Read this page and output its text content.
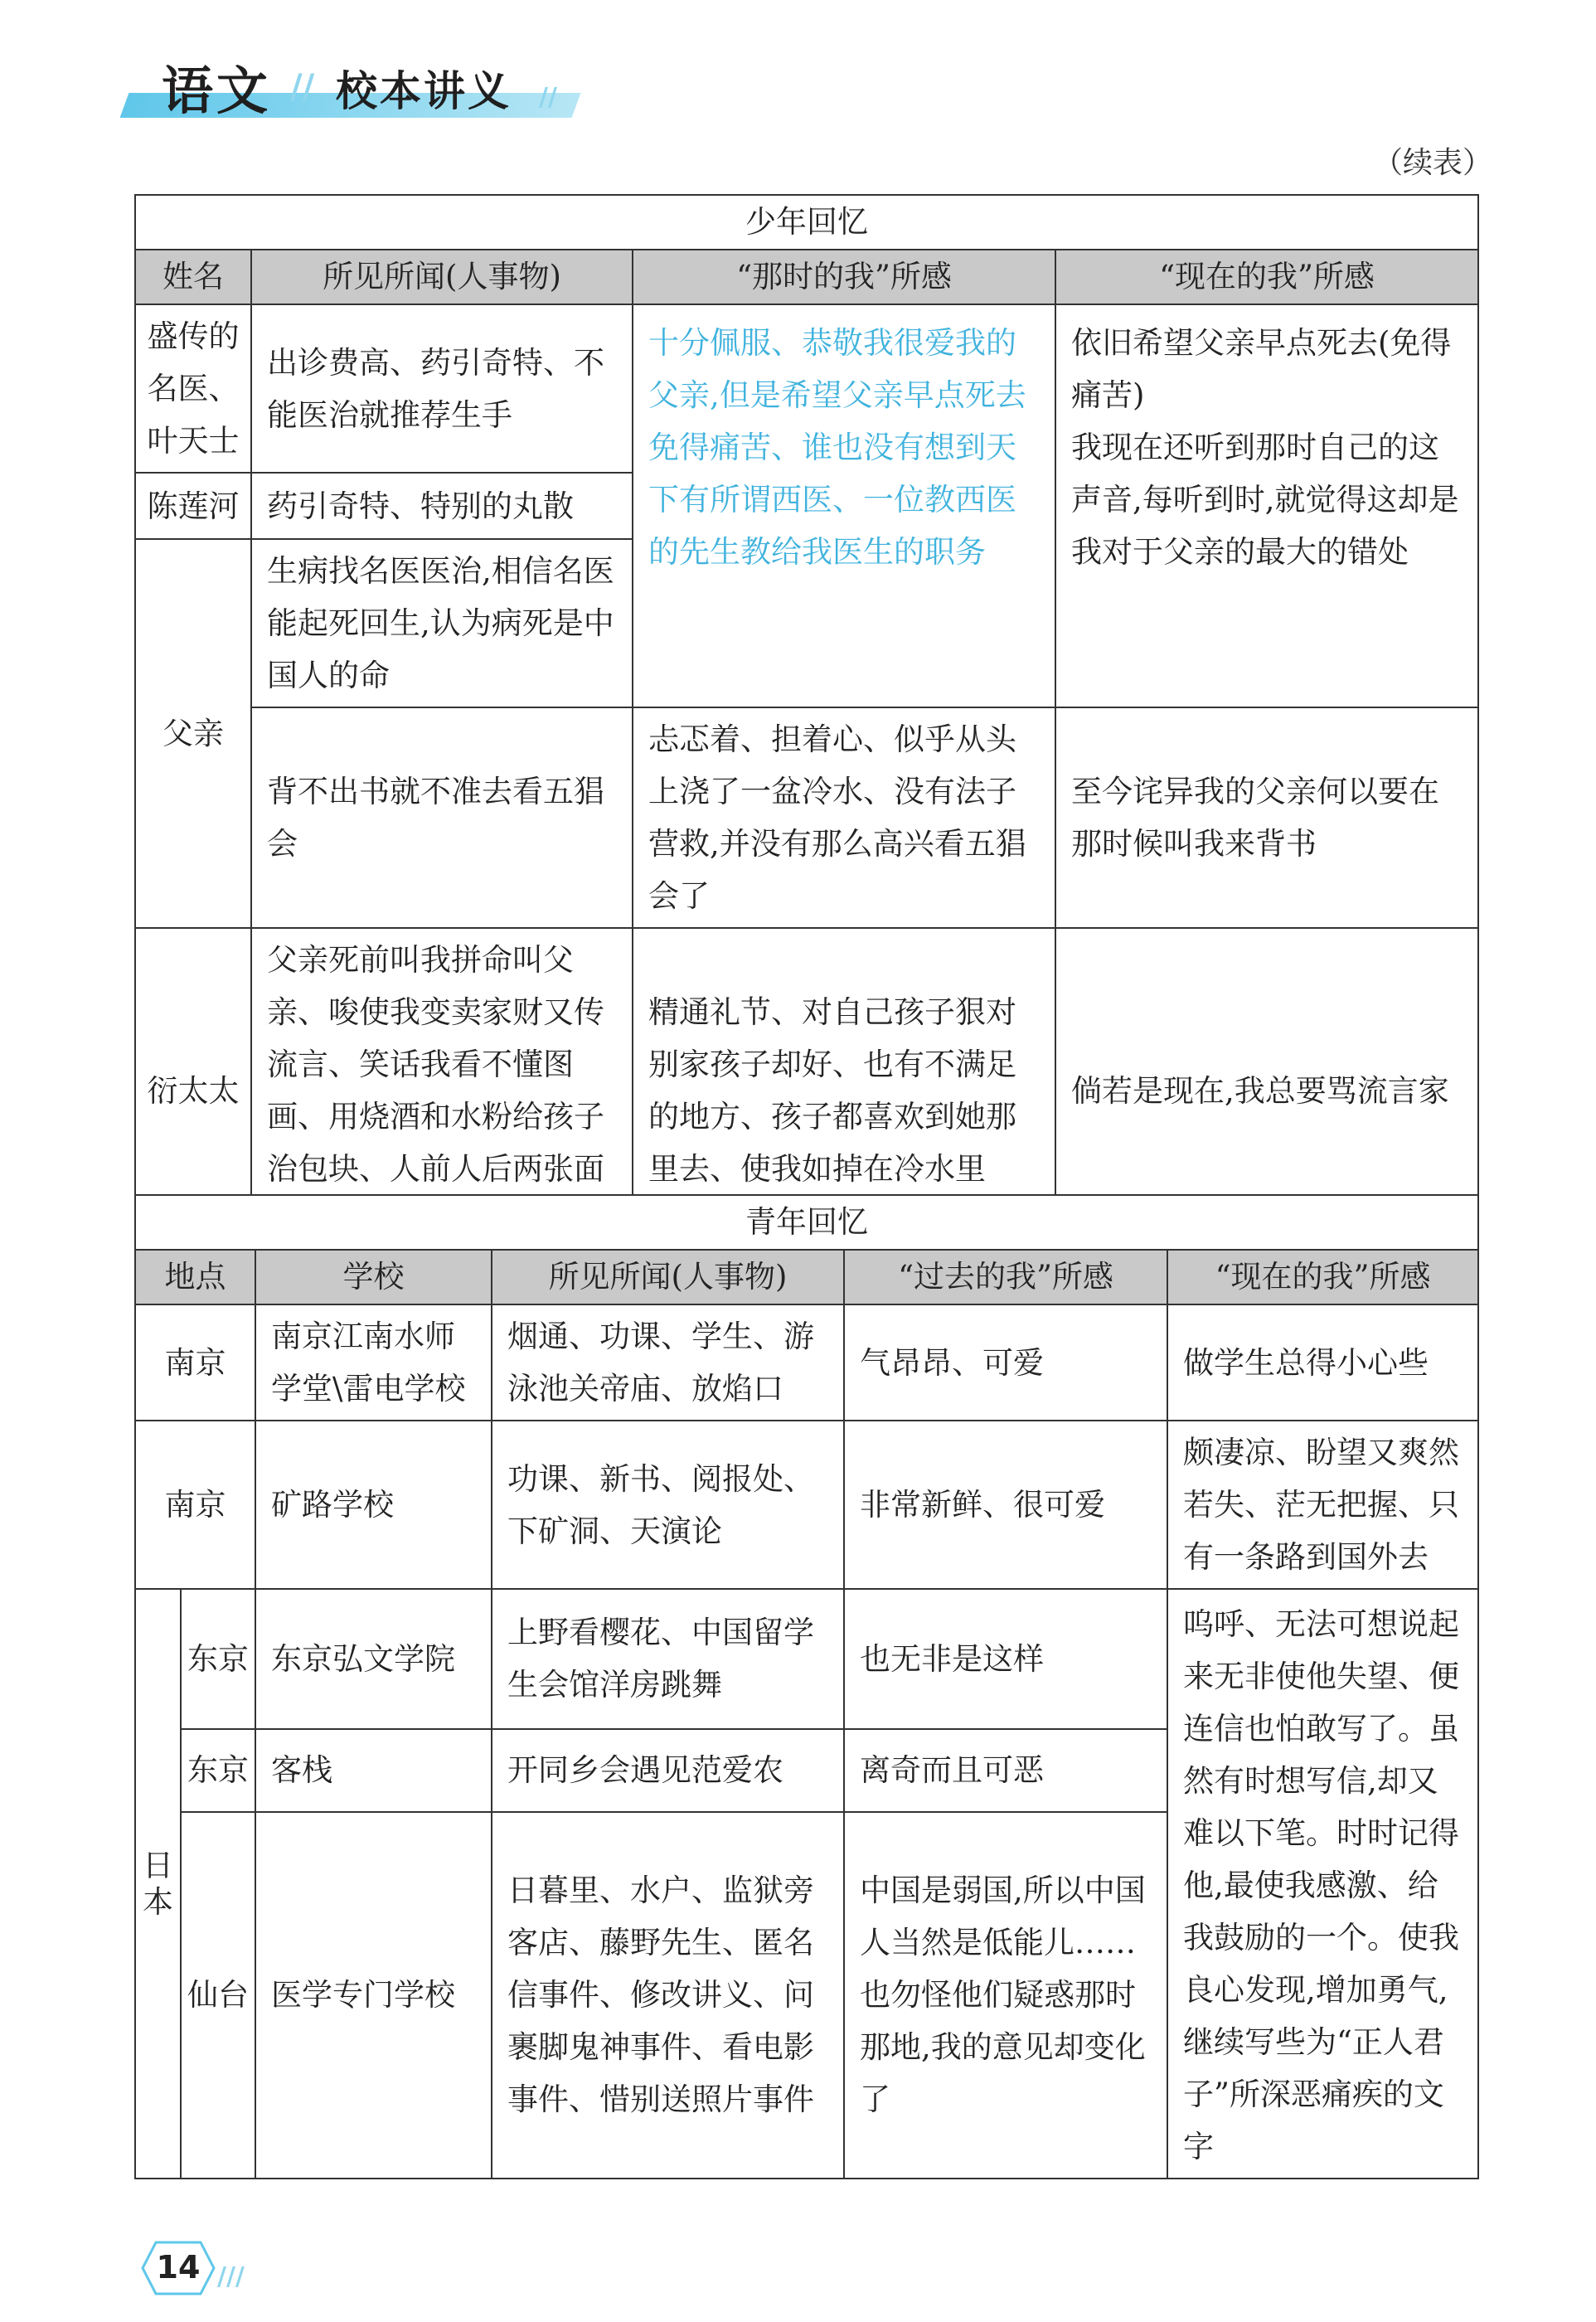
语文 // 校本讲义 //
（续表）
少年回忆			
姓名	所见所闻(人事物)	“那时的我”所感	“现在的我”所感
盛传的名医、叶天士	出诊费高、药引奇特、不能医治就推荐生手	十分佩服、恭敬我很爱我的父亲,但是希望父亲早点死去免得痛苦、谁也没有想到天下有所谓西医、一位教西医的先生教给我医生的职务	依旧希望父亲早点死去(免得痛苦)
我现在还听到那时自己的这声音,每听到时,就觉得这却是我对于父亲的最大的错处
陈莲河	药引奇特、特别的丸散		
父亲	生病找名医医治,相信名医能起死回生,认为病死是中国人的命		
	背不出书就不准去看五猖会	忐忑着、担着心、似乎从头上浇了一盆冷水、没有法子营救,并没有那么高兴看五猖会了	至今诧异我的父亲何以要在那时候叫我来背书
衍太太	父亲死前叫我拼命叫父亲、唆使我变卖家财又传流言、笑话我看不懂图画、用烧酒和水粉给孩子治包块、人前人后两张面	精通礼节、对自己孩子狠对别家孩子却好、也有不满足的地方、孩子都喜欢到她那里去、使我如掉在冷水里	倘若是现在,我总要骂流言家
青年回忆					
地点		学校	所见所闻(人事物)	“过去的我”所感	“现在的我”所感
南京		南京江南水师学堂\雷电学校	烟通、功课、学生、游泳池关帝庙、放焰口	气昂昂、可爱	做学生总得小心些
南京		矿路学校	功课、新书、阅报处、下矿洞、天演论	非常新鲜、很可爱	颇凄凉、盼望又爽然若失、茫无把握、只有一条路到国外去
日本	东京	东京弘文学院	上野看樱花、中国留学生会馆洋房跳舞	也无非是这样	呜呼、无法可想说起来无非使他失望、便连信也怕敢写了。虽然有时想写信,却又难以下笔。时时记得他,最使我感激、给我鼓励的一个。使我良心发现,增加勇气,继续写些为“正人君子”所深恶痛疾的文字
	东京	客栈	开同乡会遇见范爱农	离奇而且可恶	
	仙台	医学专门学校	日暮里、水户、监狱旁客店、藤野先生、匿名信事件、修改讲义、问裹脚鬼神事件、看电影事件、惜别送照片事件	中国是弱国,所以中国人当然是低能儿……也勿怪他们疑惑那时那地,我的意见却变化了	
14 ///
